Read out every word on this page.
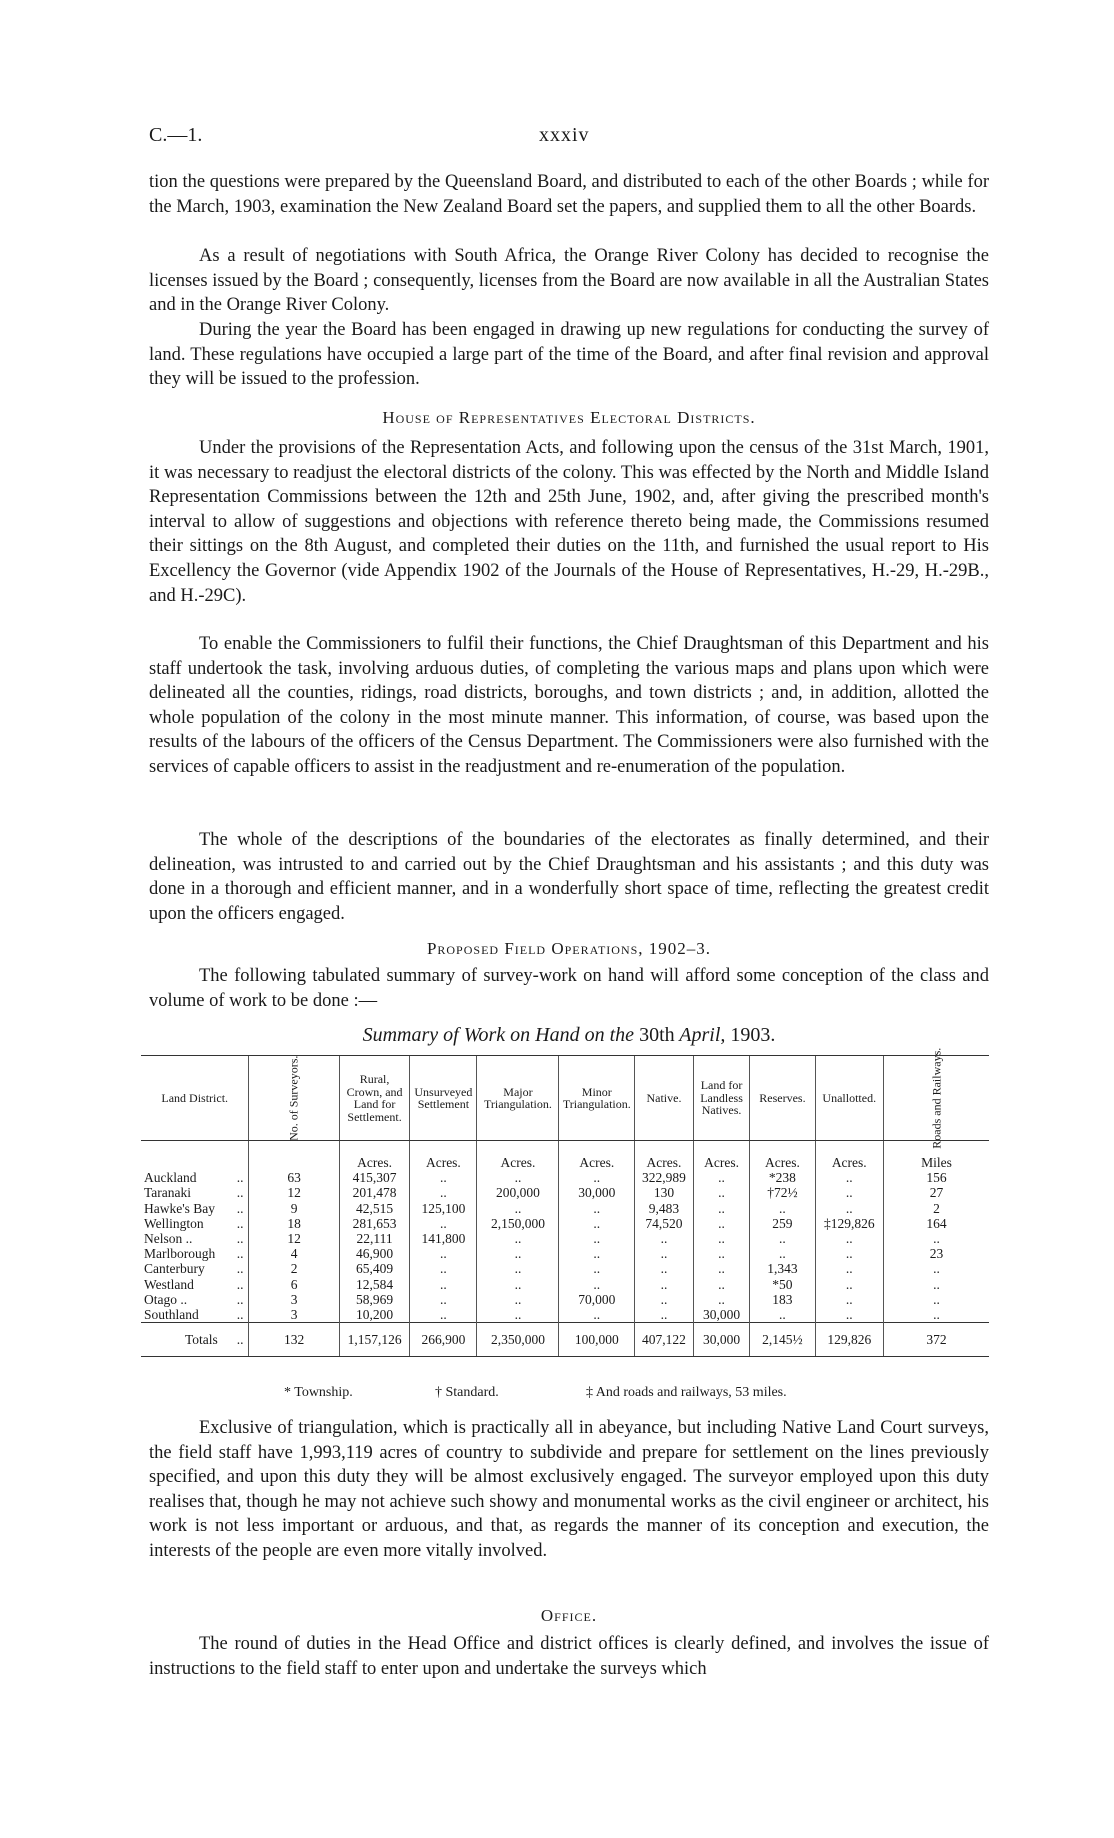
C.—1.	xxxiv

tion the questions were prepared by the Queensland Board, and distributed to each of the other Boards ; while for the March, 1903, examination the New Zealand Board set the papers, and supplied them to all the other Boards.

As a result of negotiations with South Africa, the Orange River Colony has decided to recognise the licenses issued by the Board ; consequently, licenses from the Board are now available in all the Australian States and in the Orange River Colony.

During the year the Board has been engaged in drawing up new regulations for conducting the survey of land. These regulations have occupied a large part of the time of the Board, and after final revision and approval they will be issued to the profession.

House of Representatives Electoral Districts.

Under the provisions of the Representation Acts, and following upon the census of the 31st March, 1901, it was necessary to readjust the electoral districts of the colony. This was effected by the North and Middle Island Representation Commissions between the 12th and 25th June, 1902, and, after giving the prescribed month's interval to allow of suggestions and objections with reference thereto being made, the Commissions resumed their sittings on the 8th August, and completed their duties on the 11th, and furnished the usual report to His Excellency the Governor (vide Appendix 1902 of the Journals of the House of Representatives, H.-29, H.-29B., and H.-29C).

To enable the Commissioners to fulfil their functions, the Chief Draughtsman of this Department and his staff undertook the task, involving arduous duties, of completing the various maps and plans upon which were delineated all the counties, ridings, road districts, boroughs, and town districts ; and, in addition, allotted the whole population of the colony in the most minute manner. This information, of course, was based upon the results of the labours of the officers of the Census Department. The Commissioners were also furnished with the services of capable officers to assist in the readjustment and re-enumeration of the population.

The whole of the descriptions of the boundaries of the electorates as finally determined, and their delineation, was intrusted to and carried out by the Chief Draughtsman and his assistants ; and this duty was done in a thorough and efficient manner, and in a wonderfully short space of time, reflecting the greatest credit upon the officers engaged.

Proposed Field Operations, 1902–3.

The following tabulated summary of survey-work on hand will afford some conception of the class and volume of work to be done :—

Summary of Work on Hand on the 30th April, 1903.
Land District.	No. of Surveyors.	Rural, Crown, and Land for Settlement.	Unsurveyed Settlement	Major Triangulation.	Minor Triangulation.	Native.	Land for Landless Natives.	Reserves.	Unallotted.	Roads and Railways.
		Acres.	Acres.	Acres.	Acres.	Acres.	Acres.	Acres.	Acres.	Miles
Auckland ..	63	415,307	..	..	..	322,989	..	*238	..	156
Taranaki ..	12	201,478	..	200,000	30,000	130	..	†72½	..	27
Hawke's Bay ..	9	42,515	125,100	..	..	9,483	..	..	..	2
Wellington ..	18	281,653	..	2,150,000	..	74,520	..	259	‡129,826	164
Nelson .. ..	12	22,111	141,800	..	..	..	..	..	..	..
Marlborough ..	4	46,900	..	..	..	..	..	..	..	23
Canterbury ..	2	65,409	..	..	..	..	..	1,343	..	..
Westland ..	6	12,584	..	..	..	..	..	*50	..	..
Otago .. ..	3	58,969	..	..	70,000	..	..	183	..	..
Southland ..	3	10,200	..	..	..	..	30,000	..	..	..
Totals ..	132	1,157,126	266,900	2,350,000	100,000	407,122	30,000	2,145½	129,826	372
* Township.	† Standard.	‡ And roads and railways, 53 miles.

Exclusive of triangulation, which is practically all in abeyance, but including Native Land Court surveys, the field staff have 1,993,119 acres of country to subdivide and prepare for settlement on the lines previously specified, and upon this duty they will be almost exclusively engaged. The surveyor employed upon this duty realises that, though he may not achieve such showy and monumental works as the civil engineer or architect, his work is not less important or arduous, and that, as regards the manner of its conception and execution, the interests of the people are even more vitally involved.

Office.

The round of duties in the Head Office and district offices is clearly defined, and involves the issue of instructions to the field staff to enter upon and undertake the surveys which
